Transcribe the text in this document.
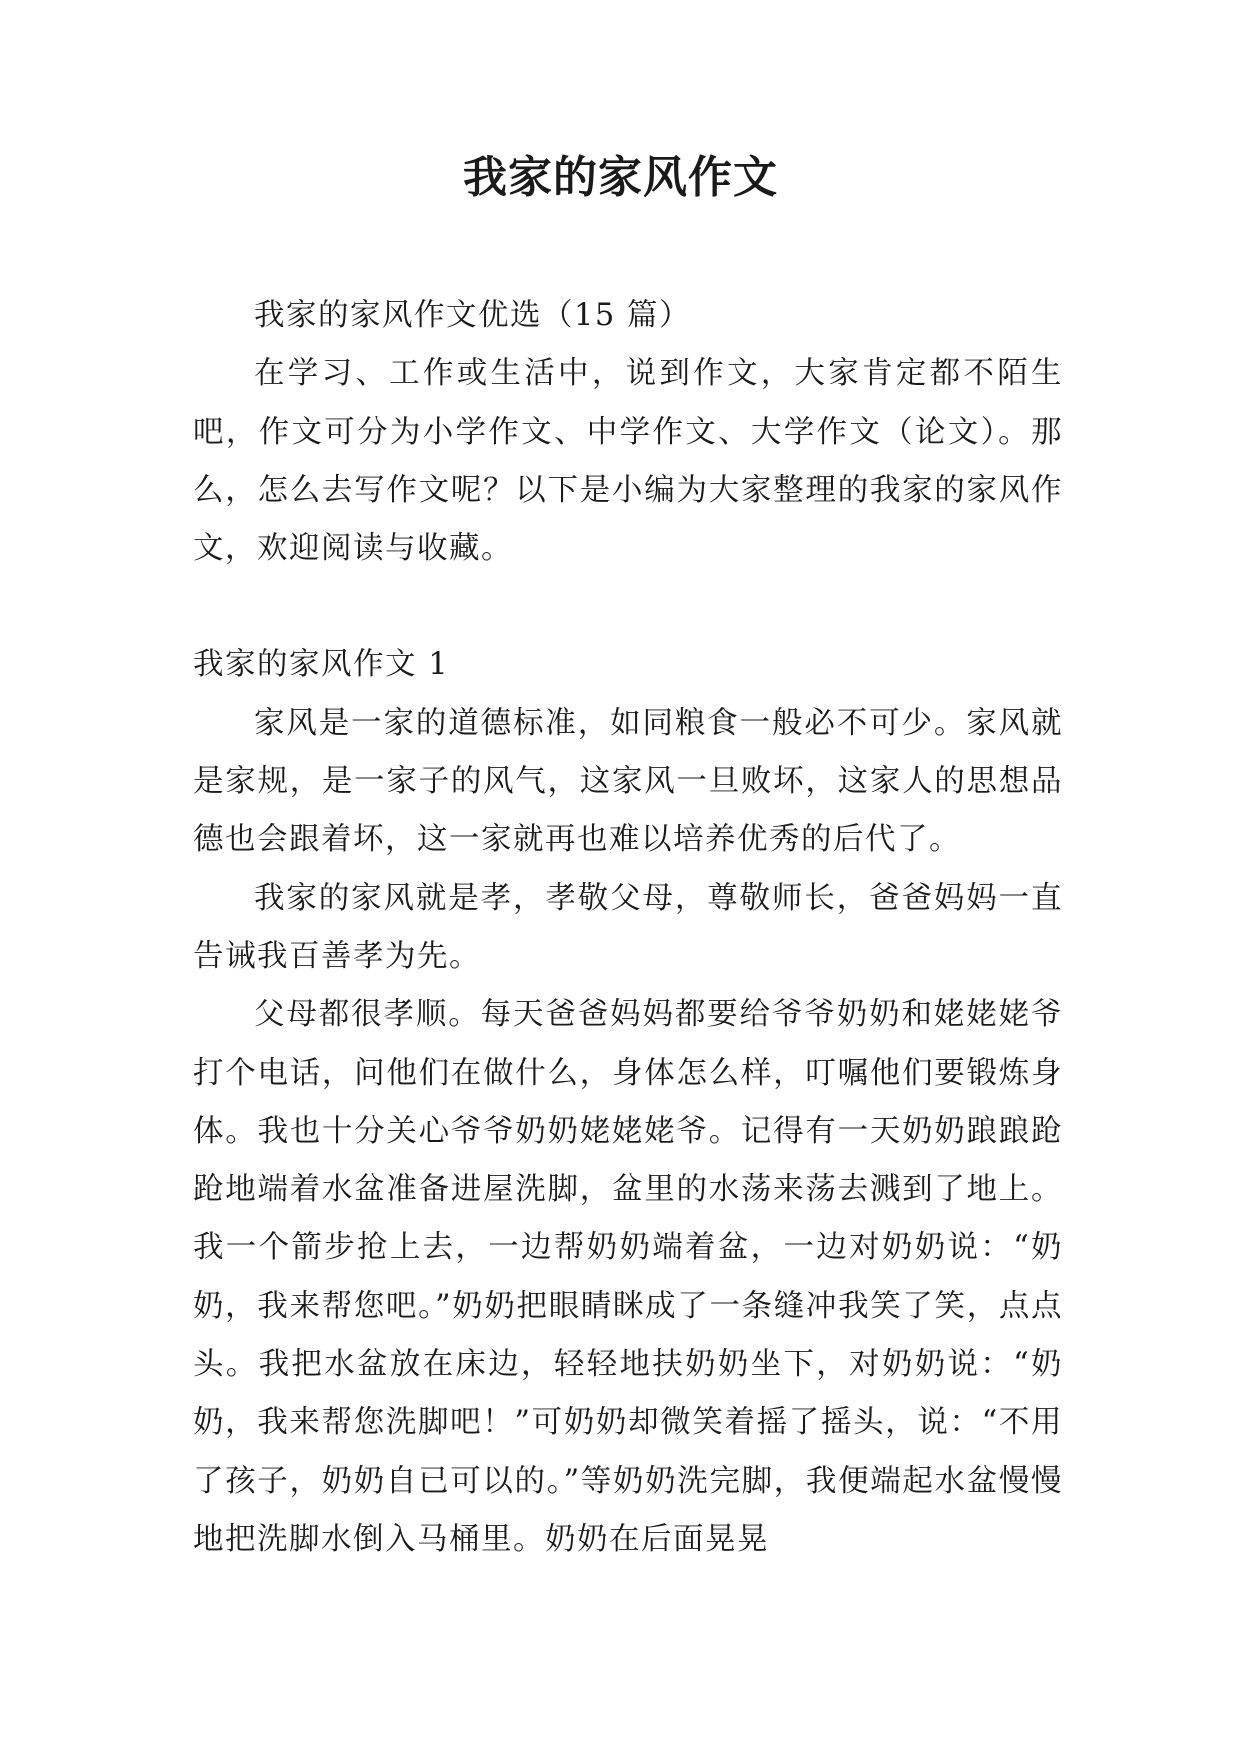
我家的家风作文

我家的家风作文优选（15 篇）

在学习、工作或生活中，说到作文，大家肯定都不陌生吧，作文可分为小学作文、中学作文、大学作文（论文）。那么，怎么去写作文呢？以下是小编为大家整理的我家的家风作文，欢迎阅读与收藏。

我家的家风作文 1

家风是一家的道德标准，如同粮食一般必不可少。家风就是家规，是一家子的风气，这家风一旦败坏，这家人的思想品德也会跟着坏，这一家就再也难以培养优秀的后代了。

我家的家风就是孝，孝敬父母，尊敬师长，爸爸妈妈一直告诫我百善孝为先。

父母都很孝顺。每天爸爸妈妈都要给爷爷奶奶和姥姥姥爷打个电话，问他们在做什么，身体怎么样，叮嘱他们要锻炼身体。我也十分关心爷爷奶奶姥姥姥爷。记得有一天奶奶踉踉跄跄地端着水盆准备进屋洗脚，盆里的水荡来荡去溅到了地上。我一个箭步抢上去，一边帮奶奶端着盆，一边对奶奶说：“奶奶，我来帮您吧。”奶奶把眼睛眯成了一条缝冲我笑了笑，点点头。我把水盆放在床边，轻轻地扶奶奶坐下，对奶奶说：“奶奶，我来帮您洗脚吧！”可奶奶却微笑着摇了摇头，说：“不用了孩子，奶奶自已可以的。”等奶奶洗完脚，我便端起水盆慢慢地把洗脚水倒入马桶里。奶奶在后面晃晃
